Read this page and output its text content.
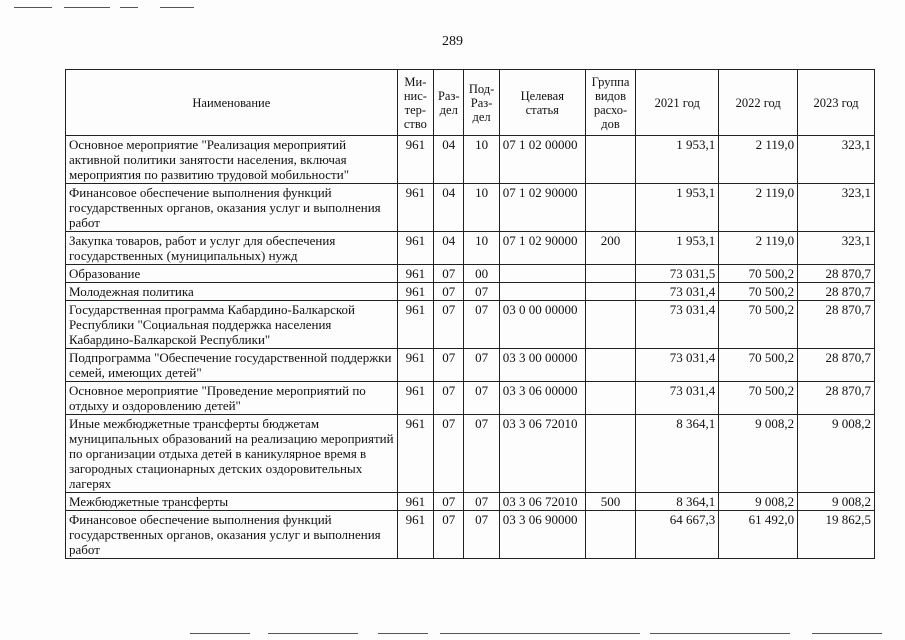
289
Наименование	Ми-нис-тер-ство	Раз-дел	Под-Раз-дел	Целевая статья	Группа видов расхо-дов	2021 год	2022 год	2023 год
Основное мероприятие "Реализация мероприятий активной политики занятости населения, включая мероприятия по развитию трудовой мобильности"	961	04	10	07 1 02 00000		1 953,1	2 119,0	323,1
Финансовое обеспечение выполнения функций государственных органов, оказания услуг и выполнения работ	961	04	10	07 1 02 90000		1 953,1	2 119,0	323,1
Закупка товаров, работ и услуг для обеспечения государственных (муниципальных) нужд	961	04	10	07 1 02 90000	200	1 953,1	2 119,0	323,1
Образование	961	07	00			73 031,5	70 500,2	28 870,7
Молодежная политика	961	07	07			73 031,4	70 500,2	28 870,7
Государственная программа Кабардино-Балкарской Республики "Социальная поддержка населения Кабардино-Балкарской Республики"	961	07	07	03 0 00 00000		73 031,4	70 500,2	28 870,7
Подпрограмма "Обеспечение государственной поддержки семей, имеющих детей"	961	07	07	03 3 00 00000		73 031,4	70 500,2	28 870,7
Основное мероприятие "Проведение мероприятий по отдыху и оздоровлению детей"	961	07	07	03 3 06 00000		73 031,4	70 500,2	28 870,7
Иные межбюджетные трансферты бюджетам муниципальных образований на реализацию мероприятий по организации отдыха детей в каникулярное время в загородных стационарных детских оздоровительных лагерях	961	07	07	03 3 06 72010		8 364,1	9 008,2	9 008,2
Межбюджетные трансферты	961	07	07	03 3 06 72010	500	8 364,1	9 008,2	9 008,2
Финансовое обеспечение выполнения функций государственных органов, оказания услуг и выполнения работ	961	07	07	03 3 06 90000		64 667,3	61 492,0	19 862,5
